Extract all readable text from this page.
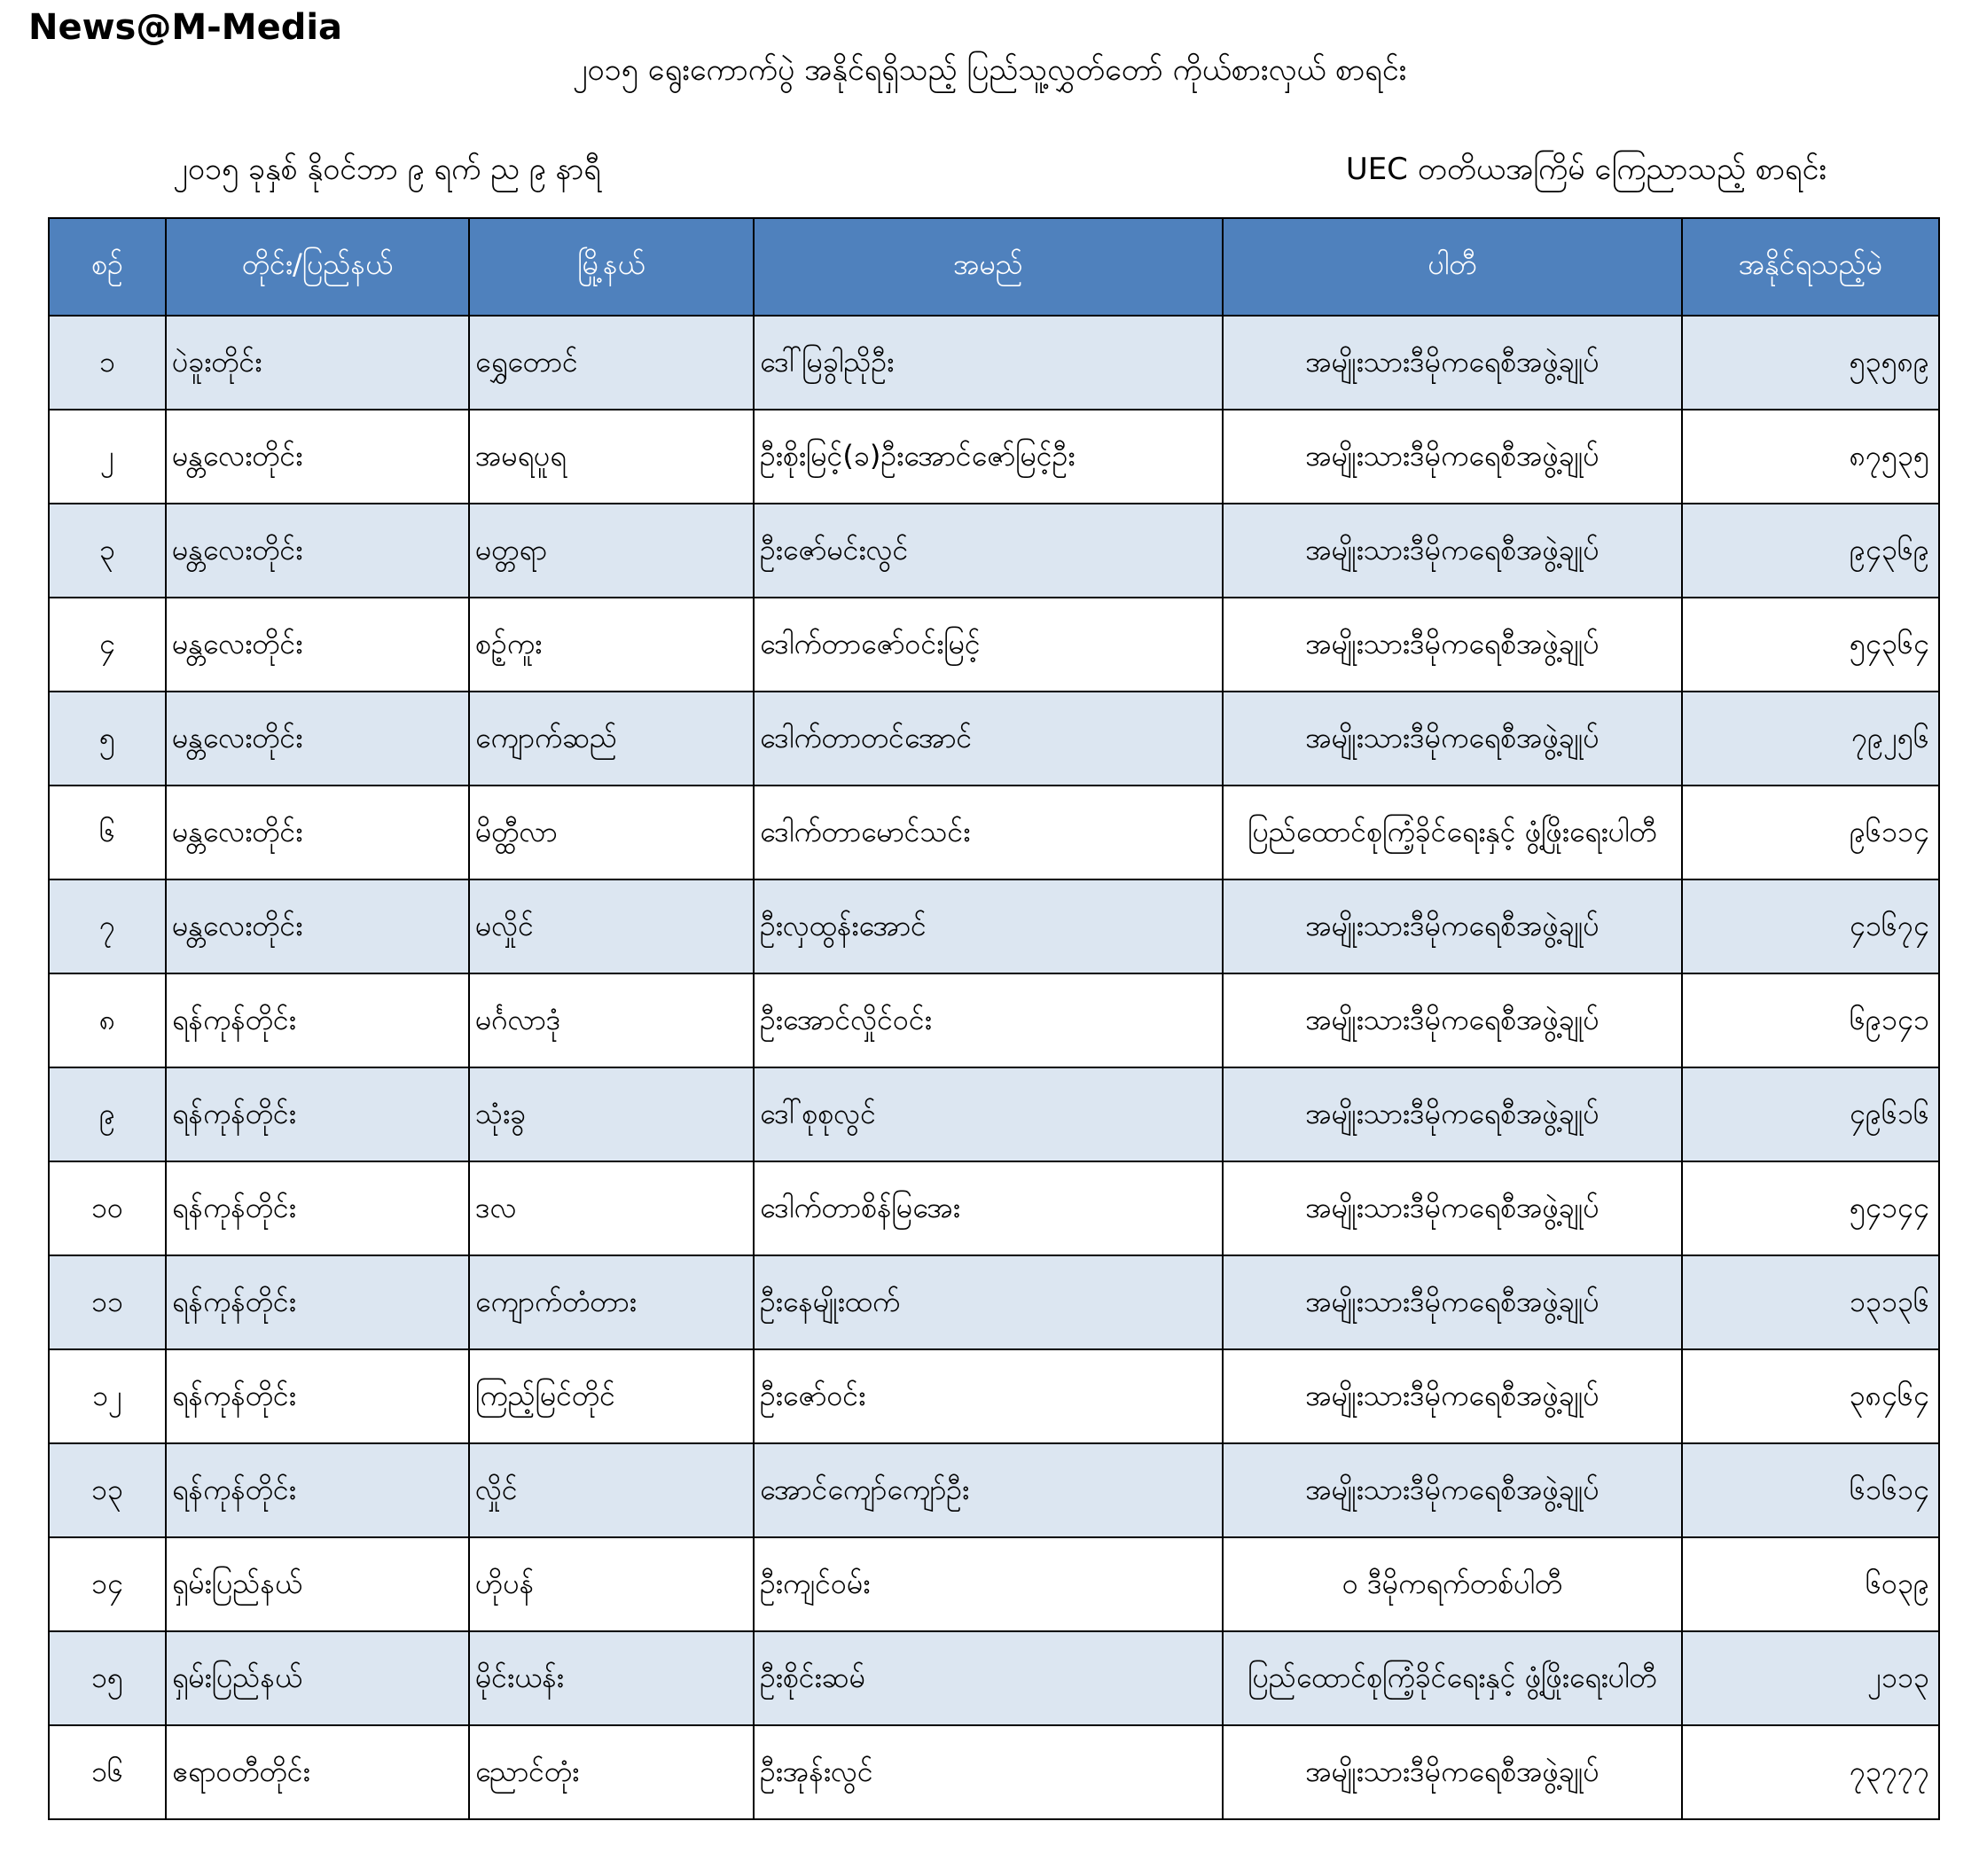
News@M-Media
၂၀၁၅ ရွေးကောက်ပွဲ အနိုင်ရရှိသည့် ပြည်သူ့လွှတ်တော် ကိုယ်စားလှယ် စာရင်း
၂၀၁၅ ခုနှစ် နိုဝင်ဘာ ၉ ရက် ည ၉ နာရီ	UEC တတိယအကြိမ် ကြေညာသည့် စာရင်း
စဉ်	တိုင်း/ပြည်နယ်	မြို့နယ်	အမည်	ပါတီ	အနိုင်ရသည့်မဲ
၁	ပဲခူးတိုင်း	ရွှေတောင်	ဒေါ်မြခွါညိုဦး	အမျိုးသားဒီမိုကရေစီအဖွဲ့ချုပ်	၅၃၅၈၉
၂	မန္တလေးတိုင်း	အမရပူရ	ဦးစိုးမြင့်(ခ)ဦးအောင်ဇော်မြင့်ဦး	အမျိုးသားဒီမိုကရေစီအဖွဲ့ချုပ်	၈၇၅၃၅
၃	မန္တလေးတိုင်း	မတ္တရာ	ဦးဇော်မင်းလွင်	အမျိုးသားဒီမိုကရေစီအဖွဲ့ချုပ်	၉၄၃၆၉
၄	မန္တလေးတိုင်း	စဉ့်ကူး	ဒေါက်တာဇော်ဝင်းမြင့်	အမျိုးသားဒီမိုကရေစီအဖွဲ့ချုပ်	၅၄၃၆၄
၅	မန္တလေးတိုင်း	ကျောက်ဆည်	ဒေါက်တာတင်အောင်	အမျိုးသားဒီမိုကရေစီအဖွဲ့ချုပ်	၇၉၂၅၆
၆	မန္တလေးတိုင်း	မိတ္ထီလာ	ဒေါက်တာမောင်သင်း	ပြည်ထောင်စုကြံ့ခိုင်ရေးနှင့် ဖွံ့ဖြိုးရေးပါတီ	၉၆၁၁၄
၇	မန္တလေးတိုင်း	မလှိုင်	ဦးလှထွန်းအောင်	အမျိုးသားဒီမိုကရေစီအဖွဲ့ချုပ်	၄၁၆၇၄
၈	ရန်ကုန်တိုင်း	မင်္ဂလာဒုံ	ဦးအောင်လှိုင်ဝင်း	အမျိုးသားဒီမိုကရေစီအဖွဲ့ချုပ်	၆၉၁၄၁
၉	ရန်ကုန်တိုင်း	သုံးခွ	ဒေါ်စုစုလွင်	အမျိုးသားဒီမိုကရေစီအဖွဲ့ချုပ်	၄၉၆၁၆
၁၀	ရန်ကုန်တိုင်း	ဒလ	ဒေါက်တာစိန်မြအေး	အမျိုးသားဒီမိုကရေစီအဖွဲ့ချုပ်	၅၄၁၄၄
၁၁	ရန်ကုန်တိုင်း	ကျောက်တံတား	ဦးနေမျိုးထက်	အမျိုးသားဒီမိုကရေစီအဖွဲ့ချုပ်	၁၃၁၃၆
၁၂	ရန်ကုန်တိုင်း	ကြည့်မြင်တိုင်	ဦးဇော်ဝင်း	အမျိုးသားဒီမိုကရေစီအဖွဲ့ချုပ်	၃၈၄၆၄
၁၃	ရန်ကုန်တိုင်း	လှိုင်	အောင်ကျော်ကျော်ဦး	အမျိုးသားဒီမိုကရေစီအဖွဲ့ချုပ်	၆၁၆၁၄
၁၄	ရှမ်းပြည်နယ်	ဟိုပန်	ဦးကျင်ဝမ်း	ဝ ဒီမိုကရက်တစ်ပါတီ	၆၀၃၉
၁၅	ရှမ်းပြည်နယ်	မိုင်းယန်း	ဦးစိုင်းဆမ်	ပြည်ထောင်စုကြံ့ခိုင်ရေးနှင့် ဖွံ့ဖြိုးရေးပါတီ	၂၁၁၃
၁၆	ဧရာဝတီတိုင်း	ညောင်တုံး	ဦးအုန်းလွင်	အမျိုးသားဒီမိုကရေစီအဖွဲ့ချုပ်	၇၃၇၇၇
